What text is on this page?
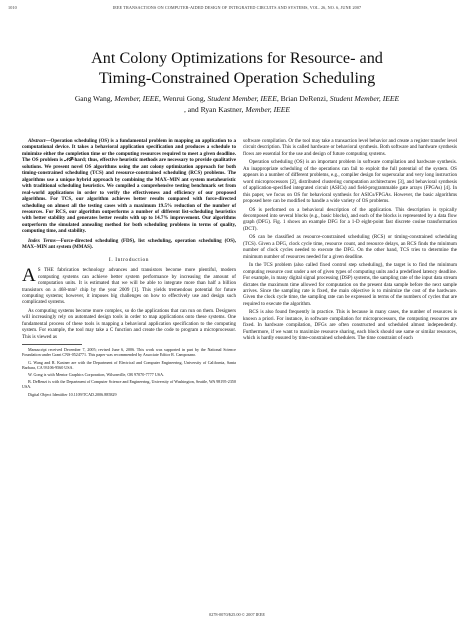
1010	IEEE TRANSACTIONS ON COMPUTER-AIDED DESIGN OF INTEGRATED CIRCUITS AND SYSTEMS, VOL. 26, NO. 6, JUNE 2007
Ant Colony Optimizations for Resource- and
Timing-Constrained Operation Scheduling
Gang Wang, Member, IEEE, Wenrui Gong, Student Member, IEEE, Brian DeRenzi, Student Member, IEEE
, and Ryan Kastner, Member, IEEE

Abstract—Operation scheduling (OS) is a fundamental problem in mapping an application to a computational device. It takes a behavioral application specification and produces a schedule to minimize either the completion time or the computing resources required to meet a given deadline. The OS problem is 𝒩𝒫-hard; thus, effective heuristic methods are necessary to provide qualitative solutions. We present novel OS algorithms using the ant colony optimization approach for both timing-constrained scheduling (TCS) and resource-constrained scheduling (RCS) problems. The algorithms use a unique hybrid approach by combining the MAX–MIN ant system metaheuristic with traditional scheduling heuristics. We compiled a comprehensive testing benchmark set from real-world applications in order to verify the effectiveness and efficiency of our proposed algorithms. For TCS, our algorithm achieves better results compared with force-directed scheduling on almost all the testing cases with a maximum 19.5% reduction of the number of resources. For RCS, our algorithm outperforms a number of different list-scheduling heuristics with better stability and generates better results with up to 14.7% improvement. Our algorithms outperform the simulated annealing method for both scheduling problems in terms of quality, computing time, and stability.

Index Terms—Force-directed scheduling (FDS), list scheduling, operation scheduling (OS), MAX–MIN ant system (MMAS).

I. Introduction

A S THE fabrication technology advances and transistors become more plentiful, modern computing systems can achieve better system performance by increasing the amount of computation units. It is estimated that we will be able to integrate more than half a billion transistors on a 468-mm² chip by the year 2009 [1]. This yields tremendous potential for future computing systems; however, it imposes big challenges on how to effectively use and design such complicated systems.

As computing systems become more complex, so do the applications that can run on them. Designers will increasingly rely on automated design tools in order to map applications onto these systems. One fundamental process of these tools is mapping a behavioral application specification to the computing system. For example, the tool may take a C function and create the code to program a microprocessor. This is viewed as

Manuscript received December 7, 2005; revised June 6, 2006. This work was supported in part by the National Science Foundation under Grant CNS-0524771. This paper was recommended by Associate Editor R. Camposano.

G. Wang and R. Kastner are with the Department of Electrical and Computer Engineering, University of California, Santa Barbara, CA 93106-9560 USA.

W. Gong is with Mentor Graphics Corporation, Wilsonville, OR 97070-7777 USA.

B. DeRenzi is with the Department of Computer Science and Engineering, University of Washington, Seattle, WA 98195-2350 USA.

Digital Object Identifier 10.1109/TCAD.2006.885829

software compilation. Or the tool may take a transaction level behavior and create a register transfer level circuit description. This is called hardware or behavioral synthesis. Both software and hardware synthesis flows are essential for the use and design of future computing systems.

Operation scheduling (OS) is an important problem in software compilation and hardware synthesis. An inappropriate scheduling of the operations can fail to exploit the full potential of the system. OS appears in a number of different problems, e.g., compiler design for superscalar and very long instruction word microprocessors [2], distributed clustering computation architectures [3], and behavioral synthesis of application-specified integrated circuit (ASICs) and field-programmable gate arrays (FPGAs) [4]. In this paper, we focus on OS for behavioral synthesis for ASICs/FPGAs. However, the basic algorithms proposed here can be modified to handle a wide variety of OS problems.

OS is performed on a behavioral description of the application. This description is typically decomposed into several blocks (e.g., basic blocks), and each of the blocks is represented by a data flow graph (DFG). Fig. 1 shows an example DFG for a 1-D eight-point fast discrete cosine transformation (DCT).

OS can be classified as resource-constrained scheduling (RCS) or timing-constrained scheduling (TCS). Given a DFG, clock cycle time, resource count, and resource delays, an RCS finds the minimum number of clock cycles needed to execute the DFG. On the other hand, TCS tries to determine the minimum number of resources needed for a given deadline.

In the TCS problem (also called fixed control step scheduling), the target is to find the minimum computing resource cost under a set of given types of computing units and a predefined latency deadline. For example, in many digital signal processing (DSP) systems, the sampling rate of the input data stream dictates the maximum time allowed for computation on the present data sample before the next sample arrives. Since the sampling rate is fixed, the main objective is to minimize the cost of the hardware. Given the clock cycle time, the sampling rate can be expressed in terms of the numbers of cycles that are required to execute the algorithm.

RCS is also found frequently in practice. This is because in many cases, the number of resources is known a priori. For instance, in software compilation for microprocessors, the computing resources are fixed. In hardware compilation, DFGs are often constructed and scheduled almost independently. Furthermore, if we want to maximize resource sharing, each block should use same or similar resources, which is hardly ensured by time-constrained schedulers. The time constraint of each

0278-0070/$25.00 © 2007 IEEE
